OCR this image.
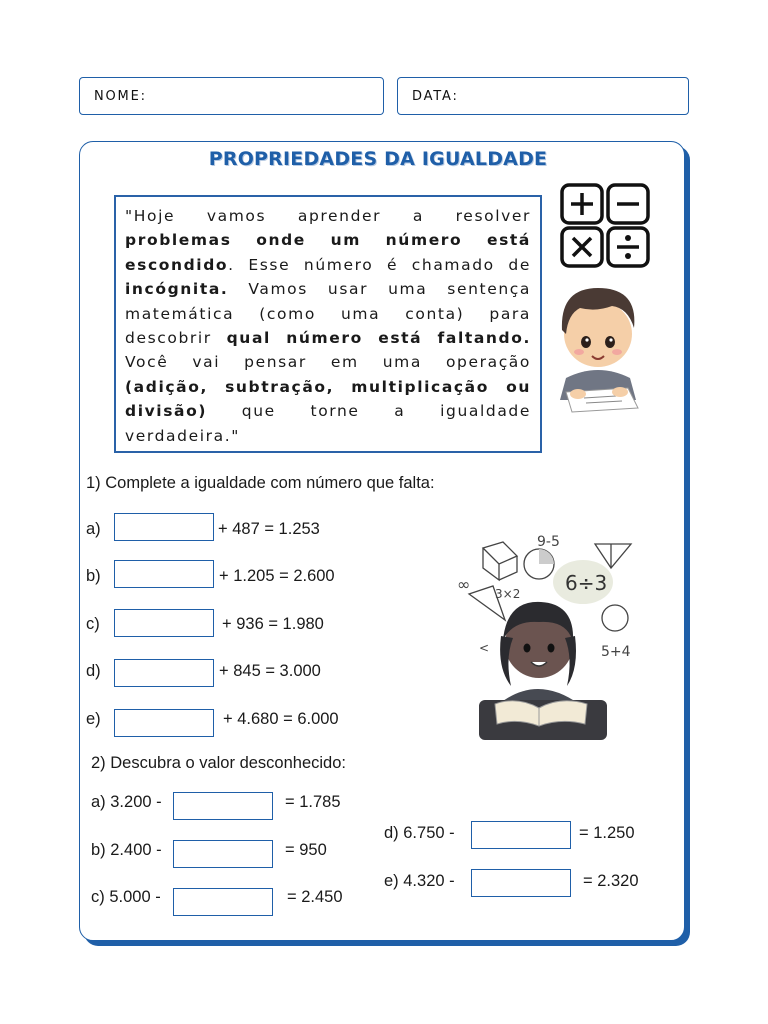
NOME:	DATA:
PROPRIEDADES DA IGUALDADE
"Hoje vamos aprender a resolver problemas onde um número está escondido. Esse número é chamado de incógnita. Vamos usar uma sentença matemática (como uma conta) para descobrir qual número está faltando. Você vai pensar em uma operação (adição, subtração, multiplicação ou divisão) que torne a igualdade verdadeira."
1) Complete a igualdade com número que falta:
a)	+ 487 = 1.253
b)	+ 1.205 = 2.600
c)	+ 936 = 1.980
d)	+ 845 = 3.000
e)	+ 4.680 = 6.000
9-5
3×2
5+4
∞
<
6÷3
2) Descubra o valor desconhecido:
a) 3.200 -	= 1.785
b) 2.400 -	= 950
c) 5.000 -	= 2.450
d) 6.750 -	= 1.250
e) 4.320 -	= 2.320
